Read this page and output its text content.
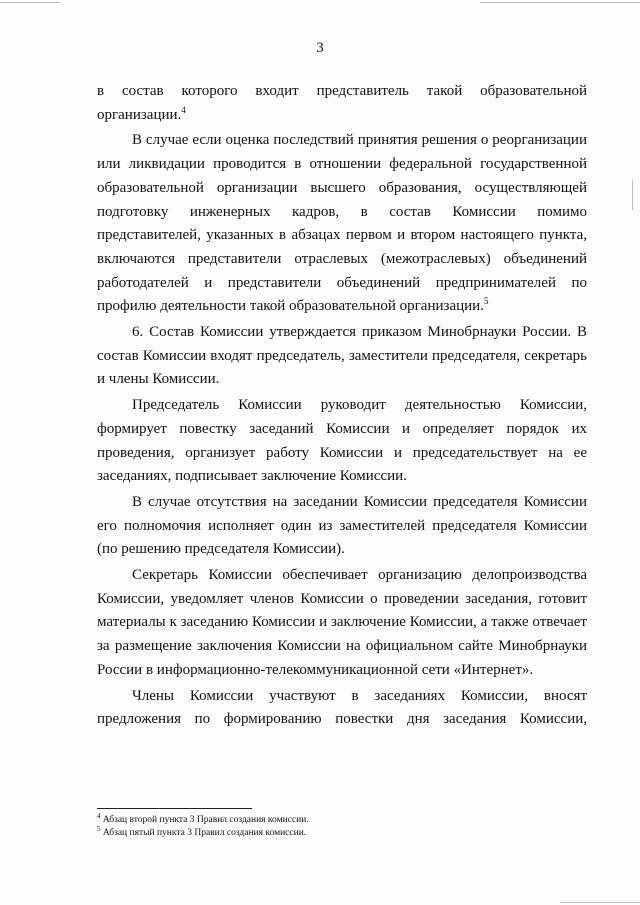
3

в состав которого входит представитель такой образовательной организации.$^4$

В случае если оценка последствий принятия решения о реорганизации или ликвидации проводится в отношении федеральной государственной образовательной организации высшего образования, осуществляющей подготовку инженерных кадров, в состав Комиссии помимо представителей, указанных в абзацах первом и втором настоящего пункта, включаются представители отраслевых (межотраслевых) объединений работодателей и представители объединений предпринимателей по профилю деятельности такой образовательной организации.$^5$

6. Состав Комиссии утверждается приказом Минобрнауки России. В состав Комиссии входят председатель, заместители председателя, секретарь и члены Комиссии.

Председатель Комиссии руководит деятельностью Комиссии, формирует повестку заседаний Комиссии и определяет порядок их проведения, организует работу Комиссии и председательствует на ее заседаниях, подписывает заключение Комиссии.

В случае отсутствия на заседании Комиссии председателя Комиссии его полномочия исполняет один из заместителей председателя Комиссии (по решению председателя Комиссии).

Секретарь Комиссии обеспечивает организацию делопроизводства Комиссии, уведомляет членов Комиссии о проведении заседания, готовит материалы к заседанию Комиссии и заключение Комиссии, а также отвечает за размещение заключения Комиссии на официальном сайте Минобрнауки России в информационно-телекоммуникационной сети «Интернет».

Члены Комиссии участвуют в заседаниях Комиссии, вносят предложения по формированию повестки дня заседания Комиссии,

$^4$ Абзац второй пункта 3 Правил создания комиссии.

$^5$ Абзац пятый пункта 3 Правил создания комиссии.
